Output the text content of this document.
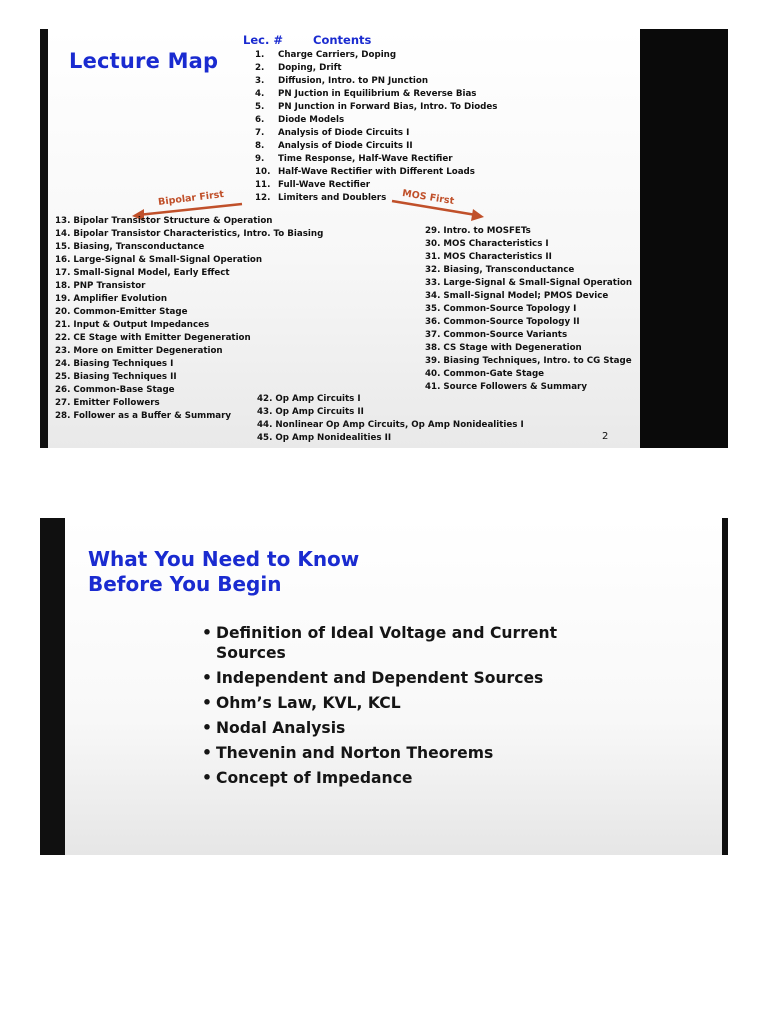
Lecture Map
Lec. #	Contents
1. Charge Carriers, Doping
2. Doping, Drift
3. Diffusion, Intro. to PN Junction
4. PN Juction in Equilibrium & Reverse Bias
5. PN Junction in Forward Bias, Intro. To Diodes
6. Diode Models
7. Analysis of Diode Circuits I
8. Analysis of Diode Circuits II
9. Time Response, Half-Wave Rectifier
10. Half-Wave Rectifier with Different Loads
11. Full-Wave Rectifier
12. Limiters and Doublers
Bipolar First	MOS First
13. Bipolar Transistor Structure & Operation
14. Bipolar Transistor Characteristics, Intro. To Biasing
15. Biasing, Transconductance
16. Large-Signal & Small-Signal Operation
17. Small-Signal Model, Early Effect
18. PNP Transistor
19. Amplifier Evolution
20. Common-Emitter Stage
21. Input & Output Impedances
22. CE Stage with Emitter Degeneration
23. More on Emitter Degeneration
24. Biasing Techniques I
25. Biasing Techniques II
26. Common-Base Stage
27. Emitter Followers
28. Follower as a Buffer & Summary
29. Intro. to MOSFETs
30. MOS Characteristics I
31. MOS Characteristics II
32. Biasing, Transconductance
33. Large-Signal & Small-Signal Operation
34. Small-Signal Model; PMOS Device
35. Common-Source Topology I
36. Common-Source Topology II
37. Common-Source Variants
38. CS Stage with Degeneration
39. Biasing Techniques, Intro. to CG Stage
40. Common-Gate Stage
41. Source Followers & Summary
42. Op Amp Circuits I
43. Op Amp Circuits II
44. Nonlinear Op Amp Circuits, Op Amp Nonidealities I
45. Op Amp Nonidealities II	2
What You Need to Know
Before You Begin
• Definition of Ideal Voltage and Current Sources
• Independent and Dependent Sources
• Ohm’s Law, KVL, KCL
• Nodal Analysis
• Thevenin and Norton Theorems
• Concept of Impedance
